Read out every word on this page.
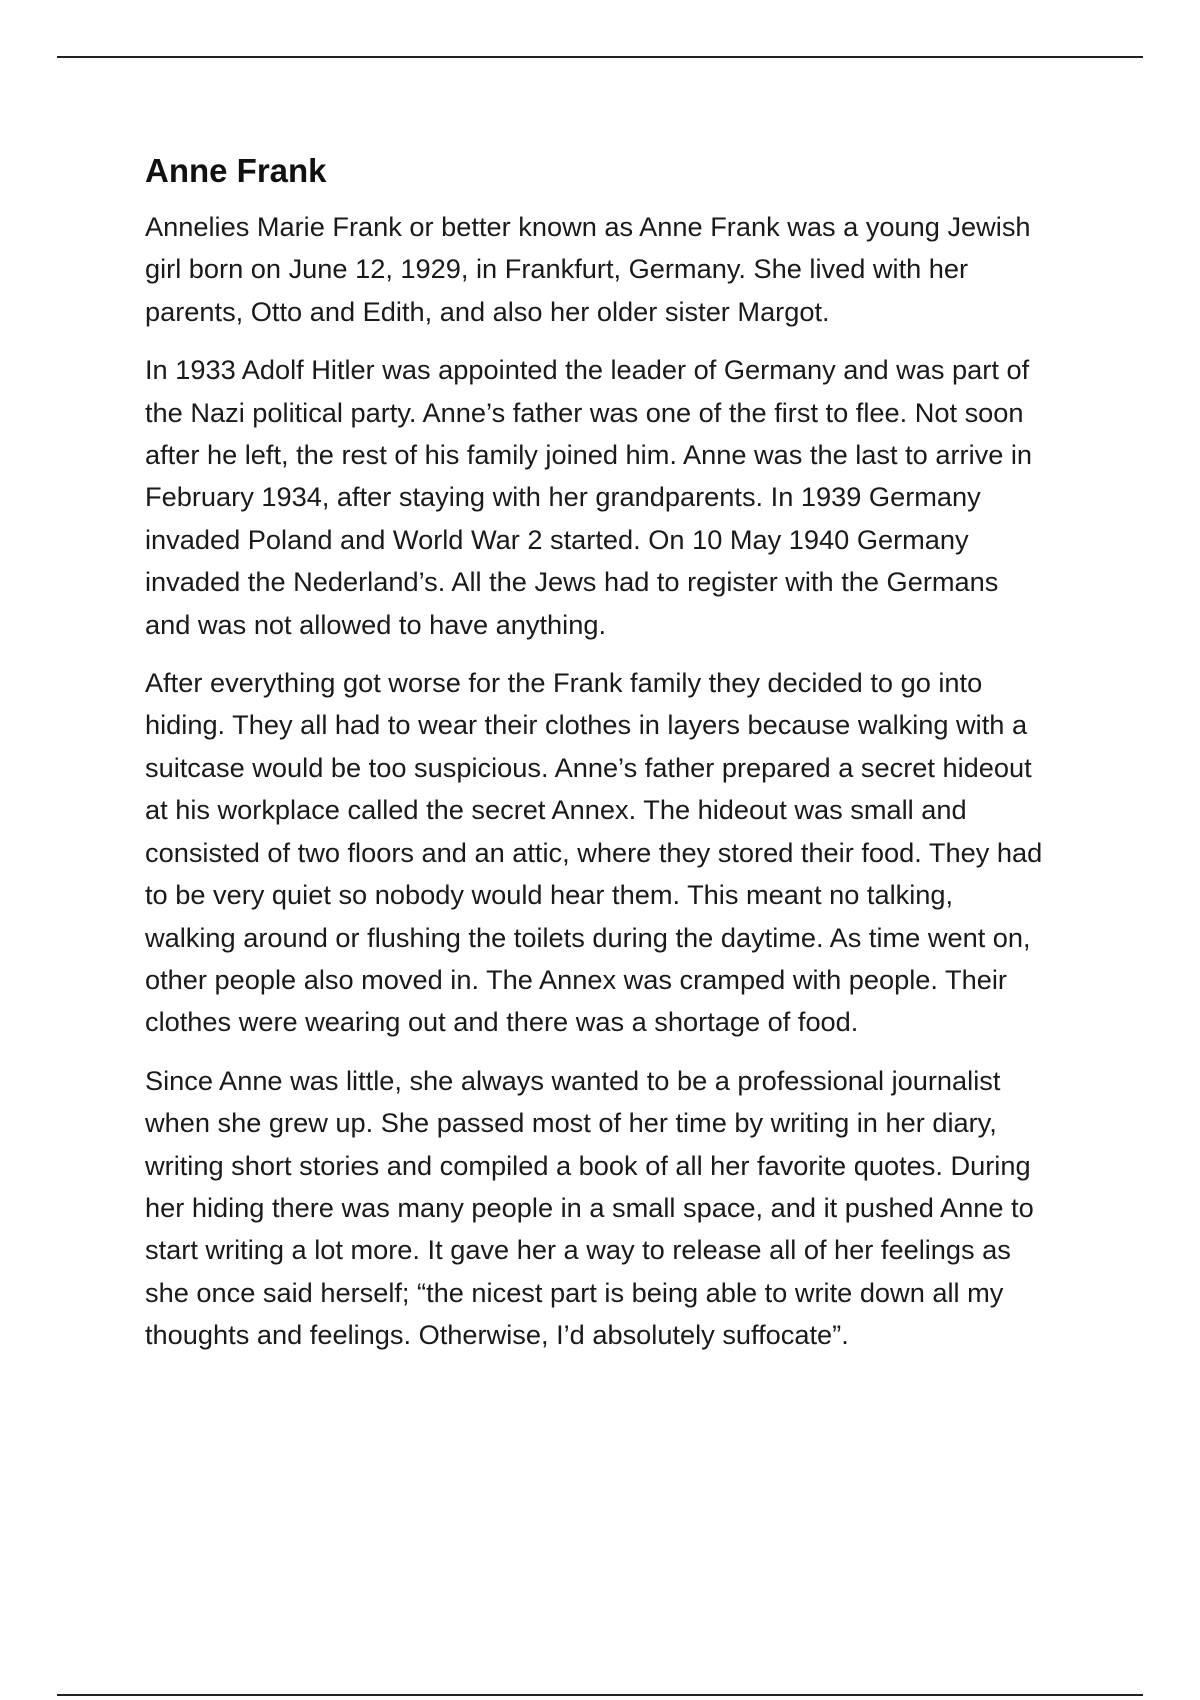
Anne Frank

Annelies Marie Frank or better known as Anne Frank was a young Jewish girl born on June 12, 1929, in Frankfurt, Germany. She lived with her parents, Otto and Edith, and also her older sister Margot.

In 1933 Adolf Hitler was appointed the leader of Germany and was part of the Nazi political party. Anne’s father was one of the first to flee. Not soon after he left, the rest of his family joined him. Anne was the last to arrive in February 1934, after staying with her grandparents. In 1939 Germany invaded Poland and World War 2 started. On 10 May 1940 Germany invaded the Nederland’s. All the Jews had to register with the Germans and was not allowed to have anything.

After everything got worse for the Frank family they decided to go into hiding. They all had to wear their clothes in layers because walking with a suitcase would be too suspicious. Anne’s father prepared a secret hideout at his workplace called the secret Annex. The hideout was small and consisted of two floors and an attic, where they stored their food. They had to be very quiet so nobody would hear them. This meant no talking, walking around or flushing the toilets during the daytime. As time went on, other people also moved in. The Annex was cramped with people. Their clothes were wearing out and there was a shortage of food.

Since Anne was little, she always wanted to be a professional journalist when she grew up. She passed most of her time by writing in her diary, writing short stories and compiled a book of all her favorite quotes. During her hiding there was many people in a small space, and it pushed Anne to start writing a lot more. It gave her a way to release all of her feelings as she once said herself; “the nicest part is being able to write down all my thoughts and feelings. Otherwise, I’d absolutely suffocate”.
